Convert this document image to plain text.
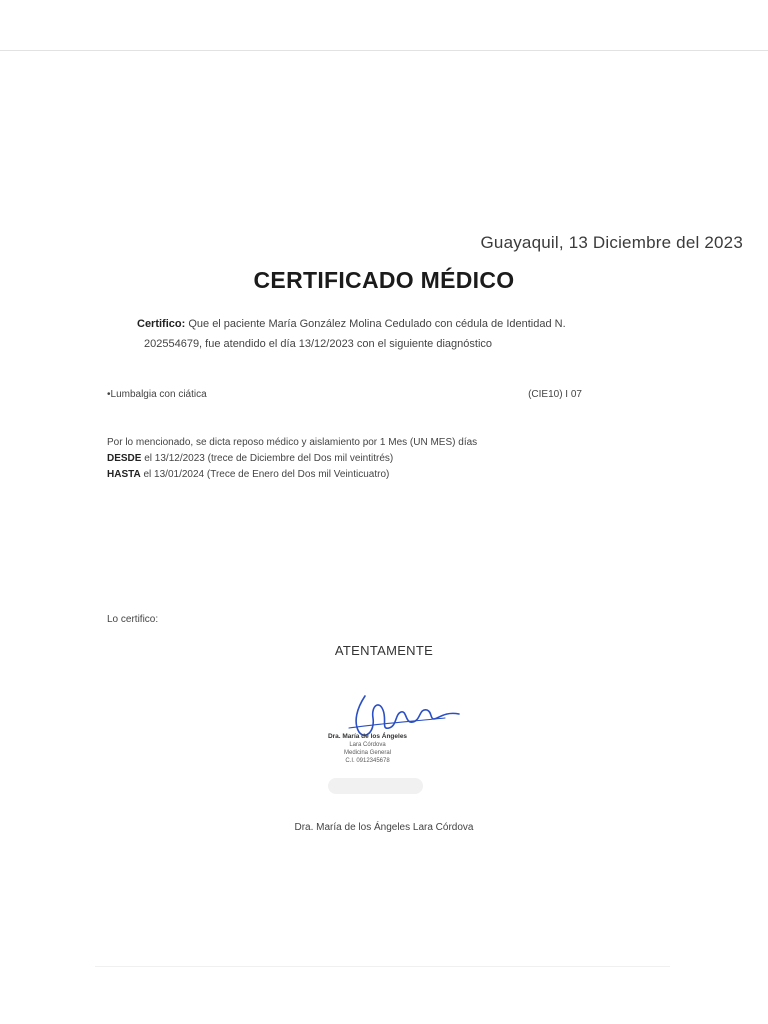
Guayaquil, 13 Diciembre del 2023
CERTIFICADO MÉDICO
Certifico: Que el paciente María González Molina Cedulado con cédula de Identidad N.
202554679, fue atendido el día 13/12/2023 con el siguiente diagnóstico
•Lumbalgia con ciática	(CIE10) I 07
Por lo mencionado, se dicta reposo médico y aislamiento por 1 Mes (UN MES) días
DESDE el 13/12/2023 (trece de Diciembre del Dos mil veintitrés)
HASTA el 13/01/2024 (Trece de Enero del Dos mil Veinticuatro)
Lo certifico:
ATENTAMENTE
Dra. María de los Ángeles
Lara Córdova
Medicina General
C.I. 0912345678
Dra. María de los Ángeles Lara Córdova
